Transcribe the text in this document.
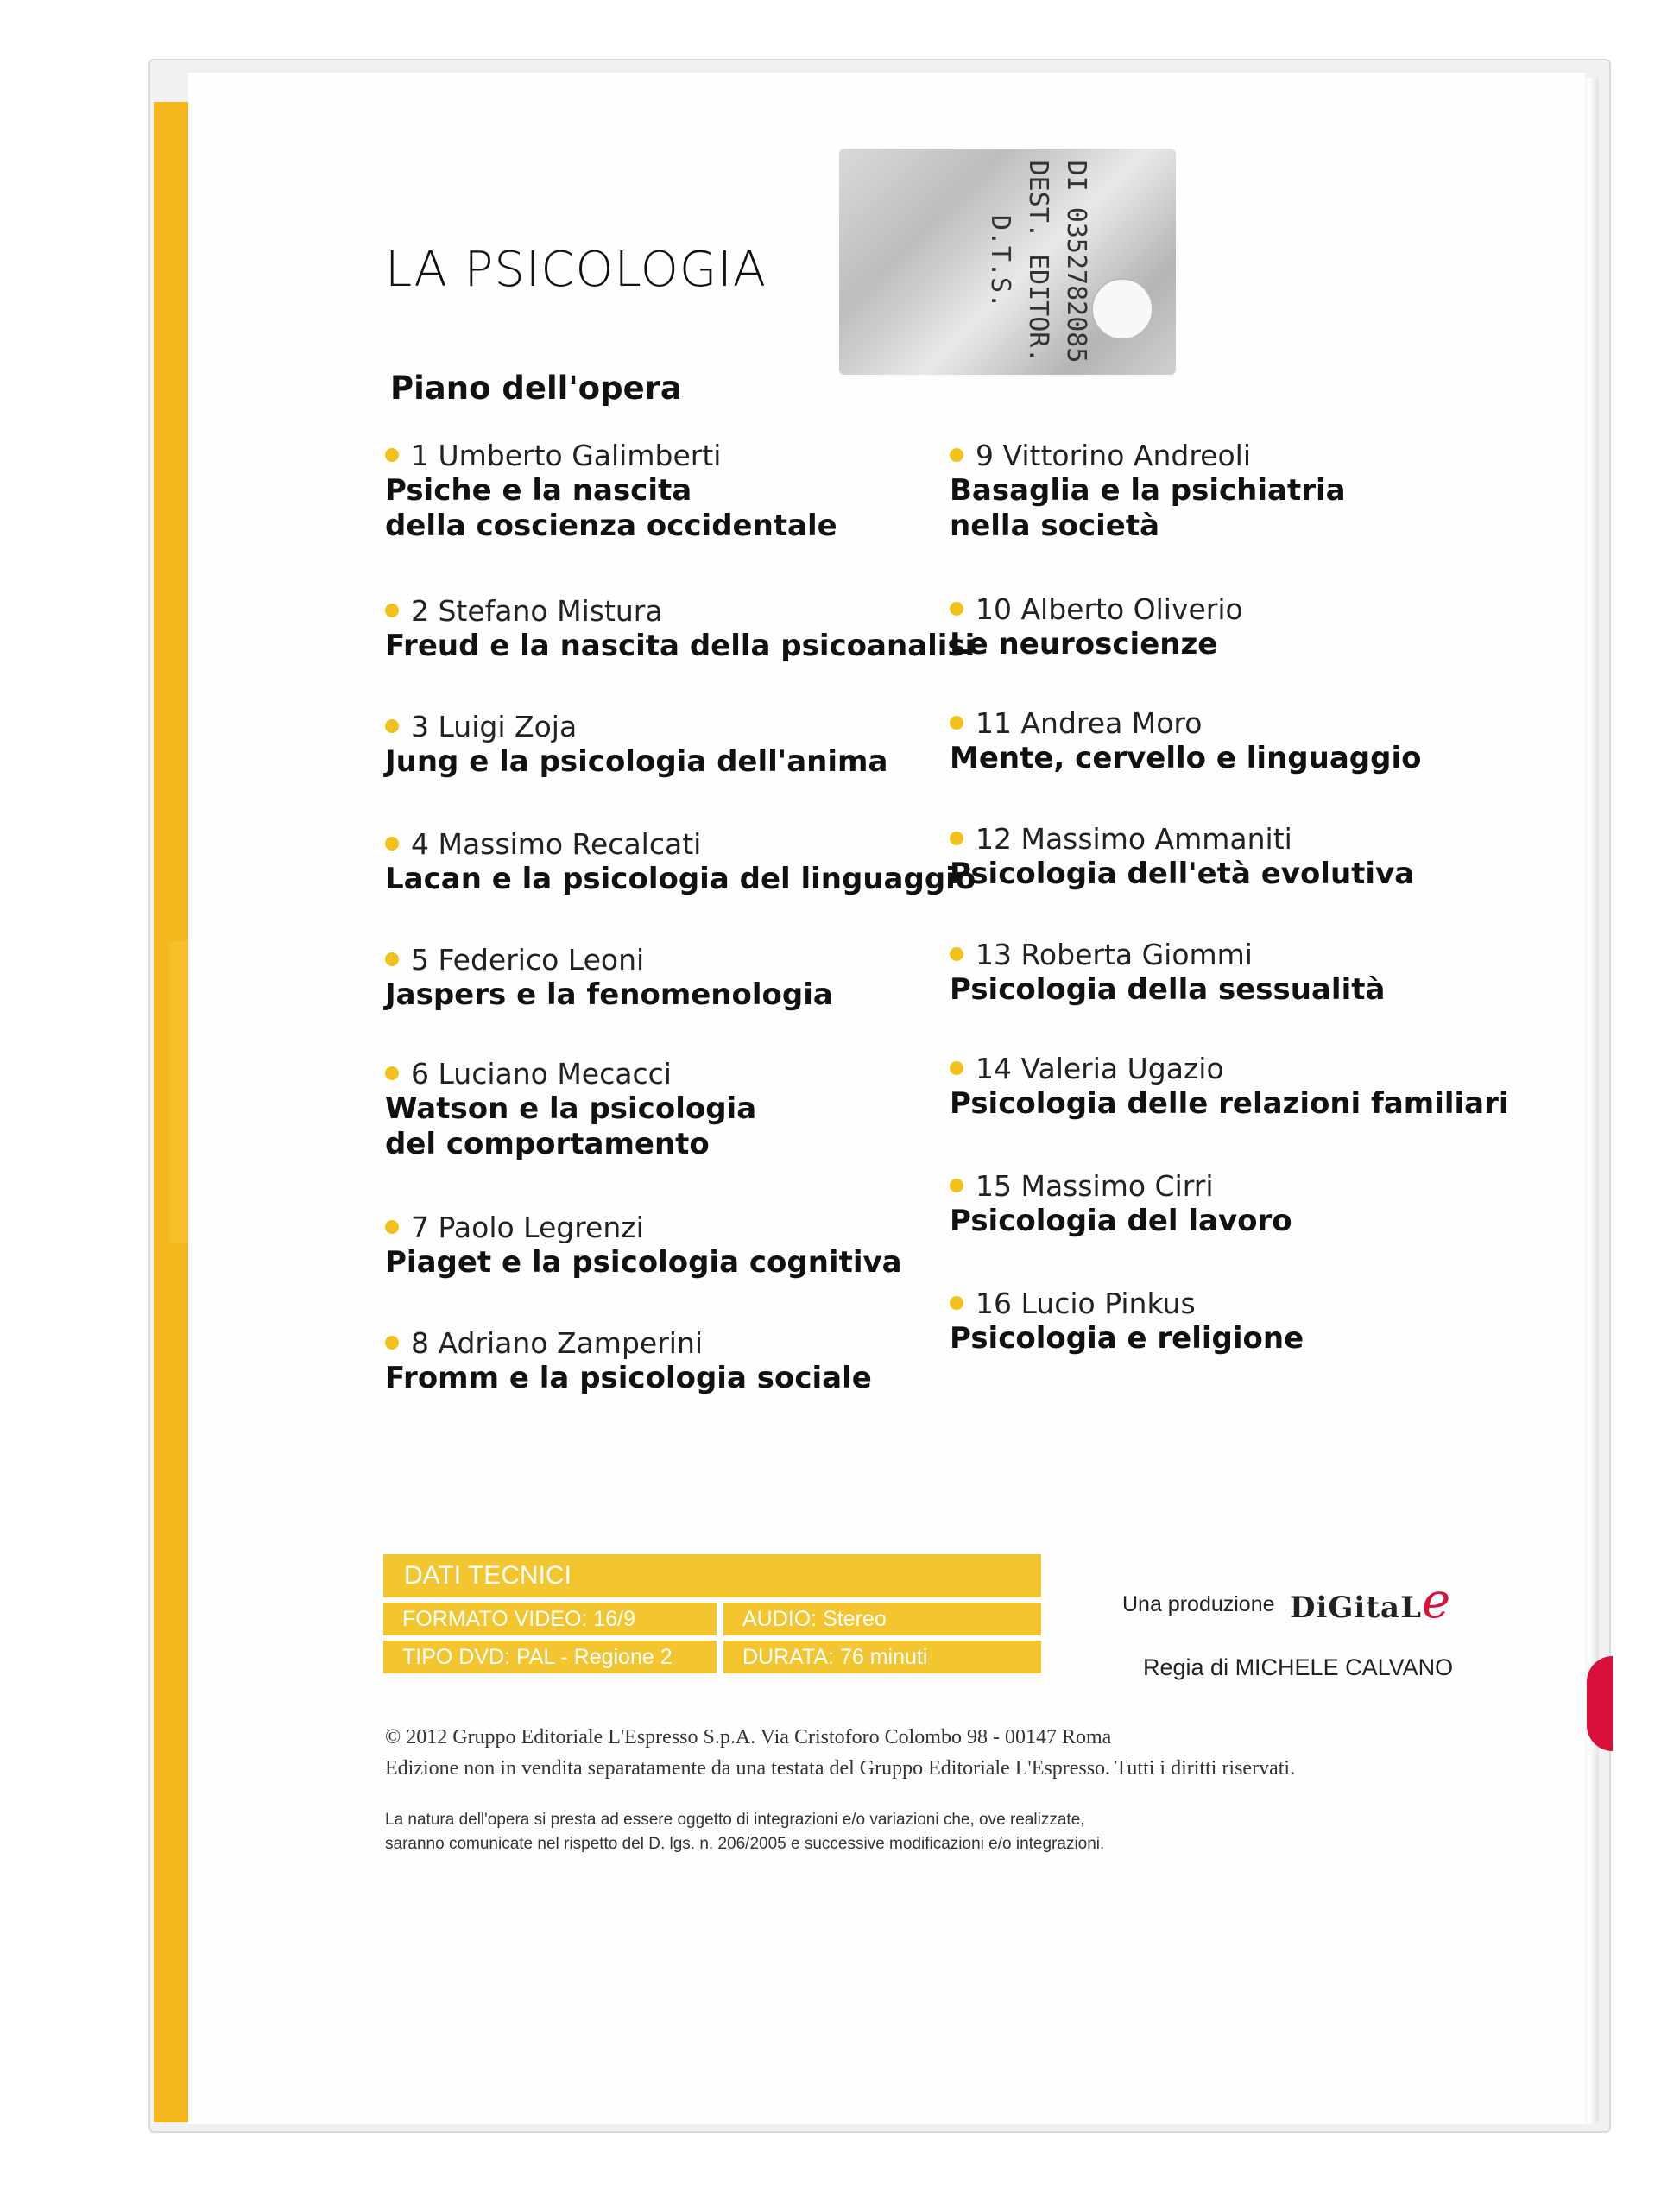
DI 0352782085
DEST. EDITOR.
D.T.S.
LA PSICOLOGIA
Piano dell'opera
1 Umberto Galimberti
Psiche e la nascita
della coscienza occidentale
2 Stefano Mistura
Freud e la nascita della psicoanalisi
3 Luigi Zoja
Jung e la psicologia dell'anima
4 Massimo Recalcati
Lacan e la psicologia del linguaggio
5 Federico Leoni
Jaspers e la fenomenologia
6 Luciano Mecacci
Watson e la psicologia
del comportamento
7 Paolo Legrenzi
Piaget e la psicologia cognitiva
8 Adriano Zamperini
Fromm e la psicologia sociale
9 Vittorino Andreoli
Basaglia e la psichiatria
nella società
10 Alberto Oliverio
Le neuroscienze
11 Andrea Moro
Mente, cervello e linguaggio
12 Massimo Ammaniti
Psicologia dell'età evolutiva
13 Roberta Giommi
Psicologia della sessualità
14 Valeria Ugazio
Psicologia delle relazioni familiari
15 Massimo Cirri
Psicologia del lavoro
16 Lucio Pinkus
Psicologia e religione
DATI TECNICI
FORMATO VIDEO: 16/9	AUDIO: Stereo
TIPO DVD: PAL - Regione 2	DURATA: 76 minuti
Una produzione DiGitaLe
Regia di MICHELE CALVANO
© 2012 Gruppo Editoriale L'Espresso S.p.A. Via Cristoforo Colombo 98 - 00147 Roma
Edizione non in vendita separatamente da una testata del Gruppo Editoriale L'Espresso. Tutti i diritti riservati.
La natura dell'opera si presta ad essere oggetto di integrazioni e/o variazioni che, ove realizzate,
saranno comunicate nel rispetto del D. lgs. n. 206/2005 e successive modificazioni e/o integrazioni.
